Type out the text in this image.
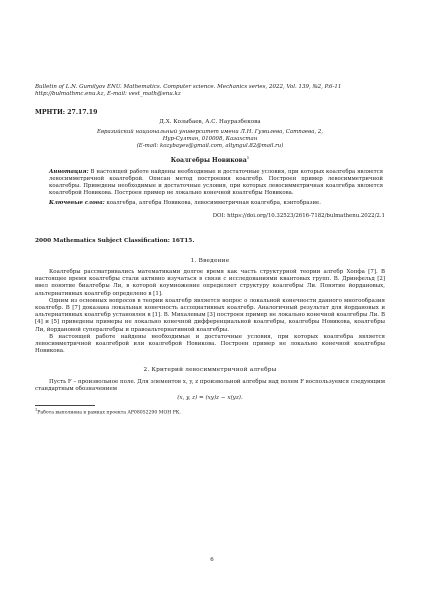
Bulletin of L.N. Gumilyov ENU. Mathematics. Computer science. Mechanics series, 2022, Vol. 139, №2, P.6-11
http://bulmathmc.enu.kz, E-mail: vest_math@enu.kz
МРНТИ: 27.17.19
Д.Х. Козыбаев, А.С. Науразбекова
Евразийский национальный университет имени Л.Н. Гумилева, Сатпаева, 2,
Нур-Султан, 010008, Казахстан
(E-mail: kozybayev@gmail.com, altyngul.82@mail.ru)
Коалгебры Новикова$^1$
Аннотация: В настоящей работе найдены необходимые и достаточные условия, при которых коалгебра является левосимметричной коалгеброй. Описан метод построения коалгебр. Построен пример левосимметричной коалгебры. Приведены необходимые и достаточные условия, при которых левосимметричная коалгебра является коалгеброй Новикова. Построен пример не локально конечной коалгебры Новикова.
Ключевые слова: коалгебра, алгебра Новикова, левосимметричная коалгебра, кэнтобразие.
DOI: https://doi.org/10.32523/2616-7182/bulmathenu.2022/2.1
2000 Mathematics Subject Classification: 16T15.
1. Введение

Коалгебры рассматривались математиками долгое время как часть структурной теории алгебр Хопфа [7]. В настоящее время коалгебры стали активно изучаться в связи с исследованиями квантовых групп. В. Дринфельд [2] ввел понятие биалгебры Ли, в которой коумножение определяет структуру коалгебры Ли. Понятие йордановых, альтернативных коалгебр определено в [1].

Одним из основных вопросов в теории коалгебр является вопрос о локальной конечности данного многообразия коалгебр. В [7] доказана локальная конечность ассоциативных коалгебр. Аналогичный результат для йордановых и альтернативных коалгебр установлен в [1]. В. Михалевым [3] построен пример не локально конечной коалгебры Ли. В [4] и [5] приведены примеры не локально конечной дифференциальной коалгебры, коалгебры Новикова, коалгебры Ли, йордановой супералгебры и правоальтернативной коалгебры.

В настоящей работе найдены необходимые и достаточные условия, при которых коалгебра является левосимметричной коалгеброй или коалгеброй Новикова. Построен пример не локально конечной коалгебры Новикова.

2. Критерий левосимметричной алгебры

Пусть F – произвольное поле. Для элементов x, y, z произвольной алгебры над полем F воспользуемся следующим стандартным обозначением

(x, y, z) = (xy)z − x(yz).
$^1$Работа выполнена в рамках проекта AP08052290 МОН РК.
6
